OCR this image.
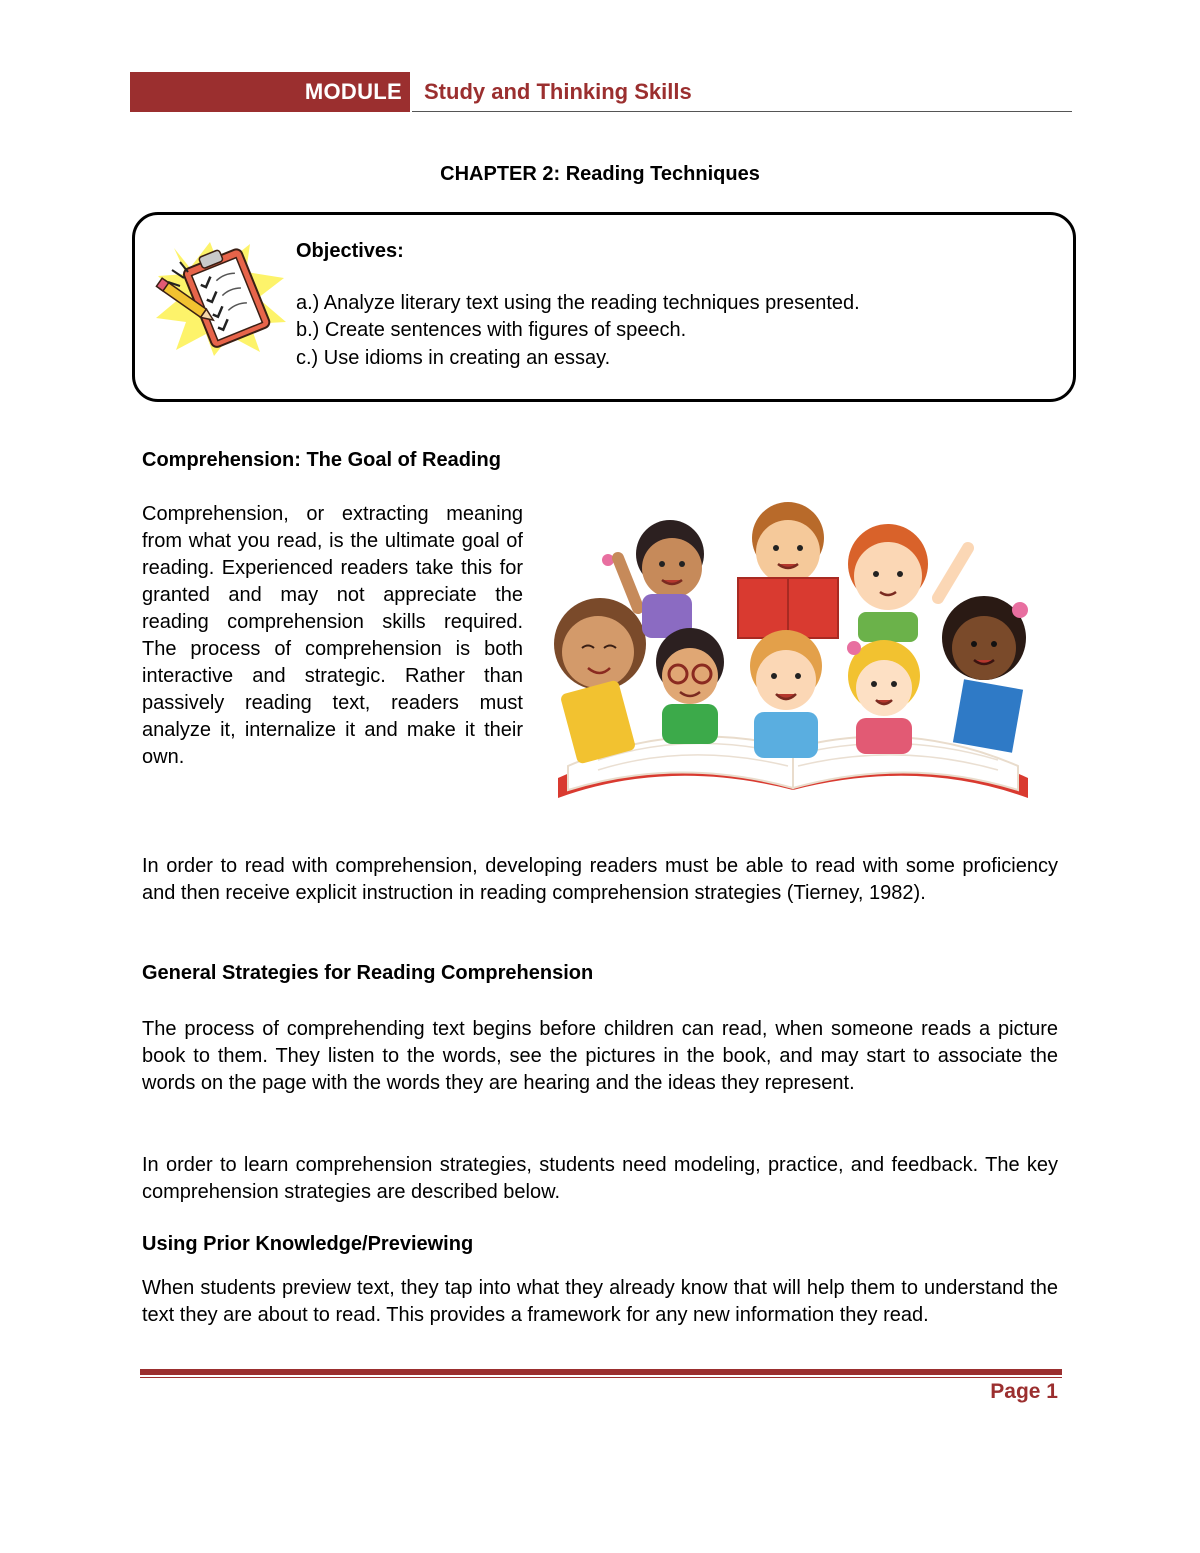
MODULE	Study and Thinking Skills
CHAPTER 2: Reading Techniques
Objectives:
a.) Analyze literary text using the reading techniques presented.
b.) Create sentences with figures of speech.
c.) Use idioms in creating an essay.
Comprehension: The Goal of Reading
Comprehension, or extracting meaning from what you read, is the ultimate goal of reading. Experienced readers take this for granted and may not appreciate the reading comprehension skills required. The process of comprehension is both interactive and strategic. Rather than passively reading text, readers must analyze it, internalize it and make it their own.
In order to read with comprehension, developing readers must be able to read with some proficiency and then receive explicit instruction in reading comprehension strategies (Tierney, 1982).
General Strategies for Reading Comprehension
The process of comprehending text begins before children can read, when someone reads a picture book to them. They listen to the words, see the pictures in the book, and may start to associate the words on the page with the words they are hearing and the ideas they represent.
In order to learn comprehension strategies, students need modeling, practice, and feedback. The key comprehension strategies are described below.
Using Prior Knowledge/Previewing
When students preview text, they tap into what they already know that will help them to understand the text they are about to read. This provides a framework for any new information they read.
Page 1
